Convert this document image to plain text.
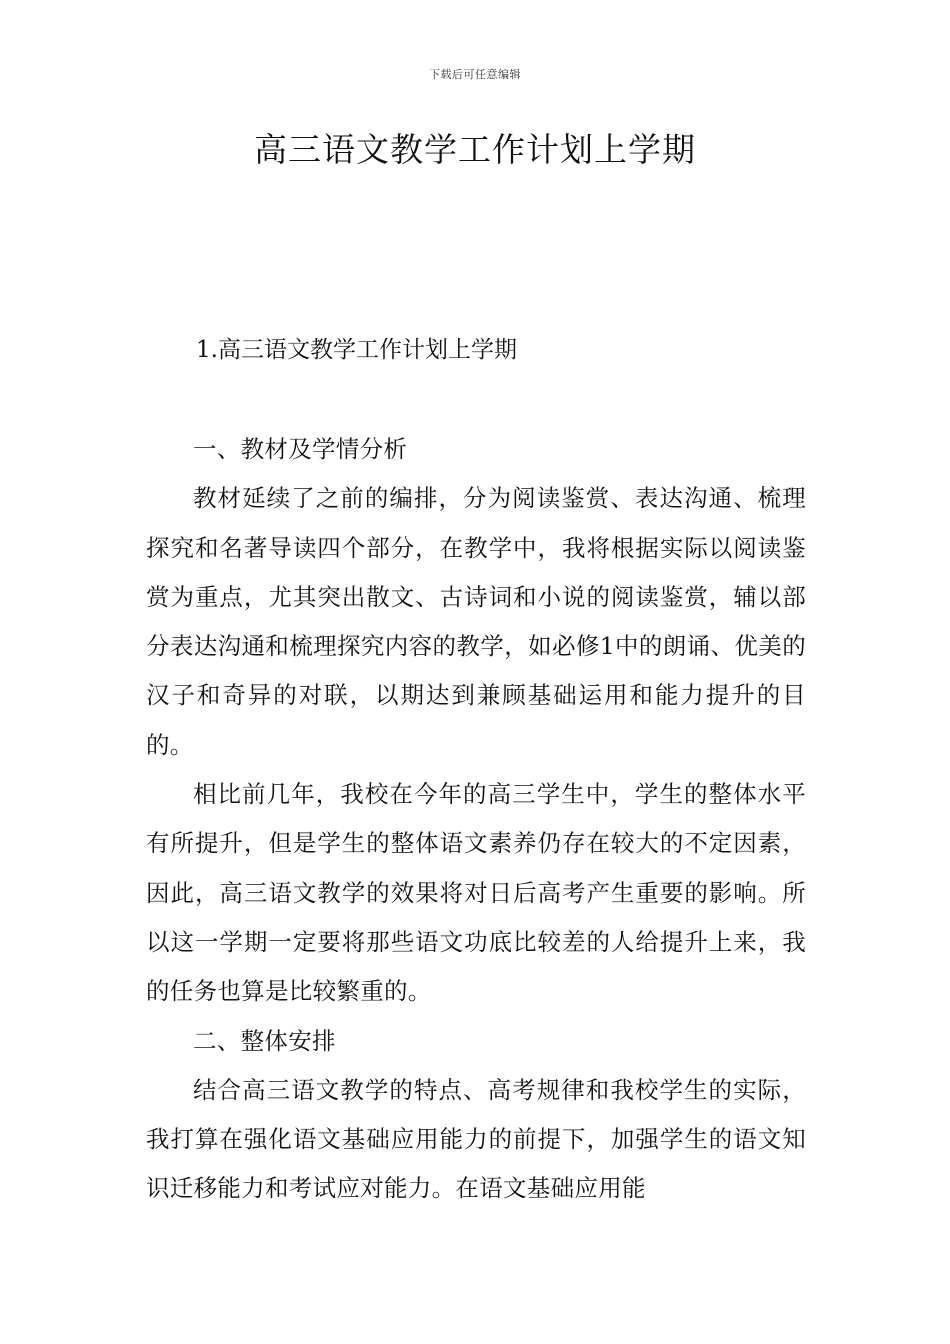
下载后可任意编辑
高三语文教学工作计划上学期

1.高三语文教学工作计划上学期

一、教材及学情分析

教材延续了之前的编排，分为阅读鉴赏、表达沟通、梳理探究和名著导读四个部分，在教学中，我将根据实际以阅读鉴赏为重点，尤其突出散文、古诗词和小说的阅读鉴赏，辅以部分表达沟通和梳理探究内容的教学，如必修1中的朗诵、优美的汉子和奇异的对联，以期达到兼顾基础运用和能力提升的目的。

相比前几年，我校在今年的高三学生中，学生的整体水平有所提升，但是学生的整体语文素养仍存在较大的不定因素，因此，高三语文教学的效果将对日后高考产生重要的影响。所以这一学期一定要将那些语文功底比较差的人给提升上来，我的任务也算是比较繁重的。

二、整体安排

结合高三语文教学的特点、高考规律和我校学生的实际，我打算在强化语文基础应用能力的前提下，加强学生的语文知识迁移能力和考试应对能力。在语文基础应用能
